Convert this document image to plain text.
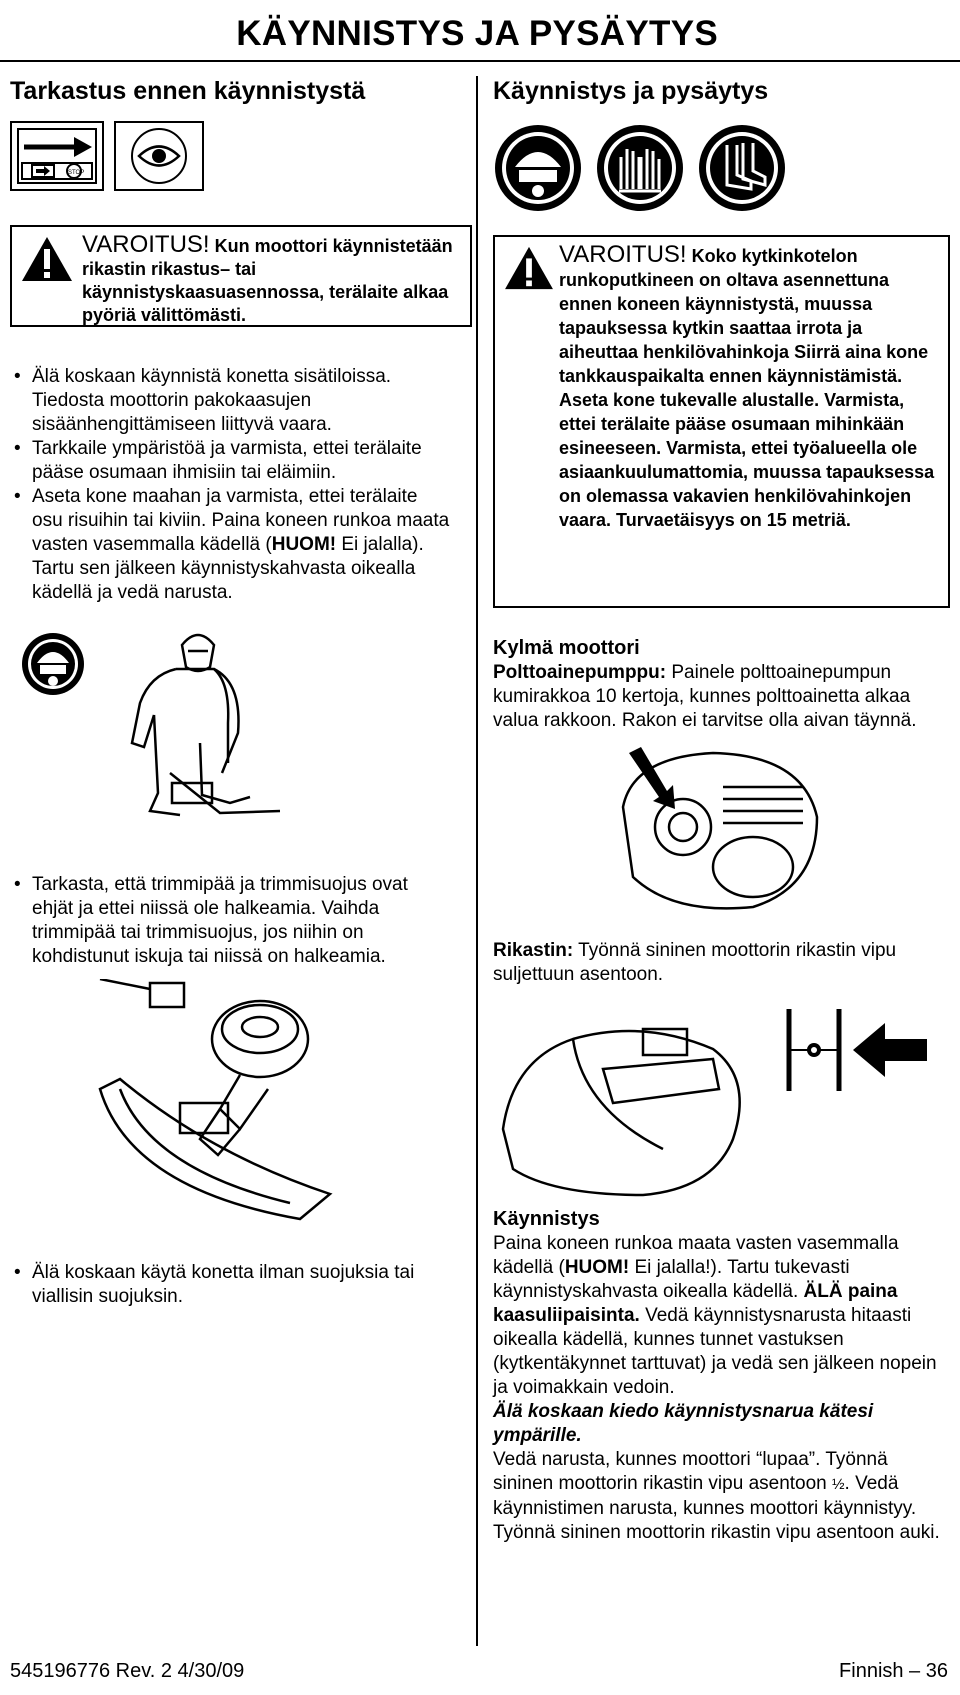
KÄYNNISTYS JA PYSÄYTYS
Tarkastus ennen käynnistystä
STOP

VAROITUS! Kun moottori käynnistetään rikastin rikastus– tai käynnistyskaasuasennossa, terälaite alkaa pyöriä välittömästi.
• Älä koskaan käynnistä konetta sisätiloissa. Tiedosta moottorin pakokaasujen sisäänhengittämiseen liittyvä vaara.
• Tarkkaile ympäristöä ja varmista, ettei terälaite pääse osumaan ihmisiin tai eläimiin.
• Aseta kone maahan ja varmista, ettei terälaite osu risuihin tai kiviin. Paina koneen runkoa maata vasten vasemmalla kädellä (HUOM! Ei jalalla). Tartu sen jälkeen käynnistyskahvasta oikealla kädellä ja vedä narusta.
• Tarkasta, että trimmipää ja trimmisuojus ovat ehjät ja ettei niissä ole halkeamia. Vaihda trimmipää tai trimmisuojus, jos niihin on kohdistunut iskuja tai niissä on halkeamia.
• Älä koskaan käytä konetta ilman suojuksia tai viallisin suojuksin.
Käynnistys ja pysäytys
VAROITUS! Koko kytkinkotelon runkoputkineen on oltava asennettuna ennen koneen käynnistystä, muussa tapauksessa kytkin saattaa irrota ja aiheuttaa henkilövahinkoja Siirrä aina kone tankkauspaikalta ennen käynnistämistä. Aseta kone tukevalle alustalle. Varmista, ettei terälaite pääse osumaan mihinkään esineeseen. Varmista, ettei työalueella ole asiaankuulumattomia, muussa tapauksessa on olemassa vakavien henkilövahinkojen vaara. Turvaetäisyys on 15 metriä.
Kylmä moottori
Polttoainepumppu: Painele polttoainepumpun kumirakkoa 10 kertoja, kunnes polttoainetta alkaa valua rakkoon. Rakon ei tarvitse olla aivan täynnä.
Rikastin: Työnnä sininen moottorin rikastin vipu suljettuun asentoon.
Käynnistys
Paina koneen runkoa maata vasten vasemmalla kädellä (HUOM! Ei jalalla!). Tartu tukevasti käynnistyskahvasta oikealla kädellä. ÄLÄ paina kaasuliipaisinta. Vedä käynnistysnarusta hitaasti oikealla kädellä, kunnes tunnet vastuksen (kytkentäkynnet tarttuvat) ja vedä sen jälkeen nopein ja voimakkain vedoin.
Älä koskaan kiedo käynnistysnarua kätesi ympärille.
Vedä narusta, kunnes moottori “lupaa”. Työnnä sininen moottorin rikastin vipu asentoon ½. Vedä käynnistimen narusta, kunnes moottori käynnistyy. Työnnä sininen moottorin rikastin vipu asentoon auki.
545196776 Rev. 2 4/30/09	Finnish – 36
